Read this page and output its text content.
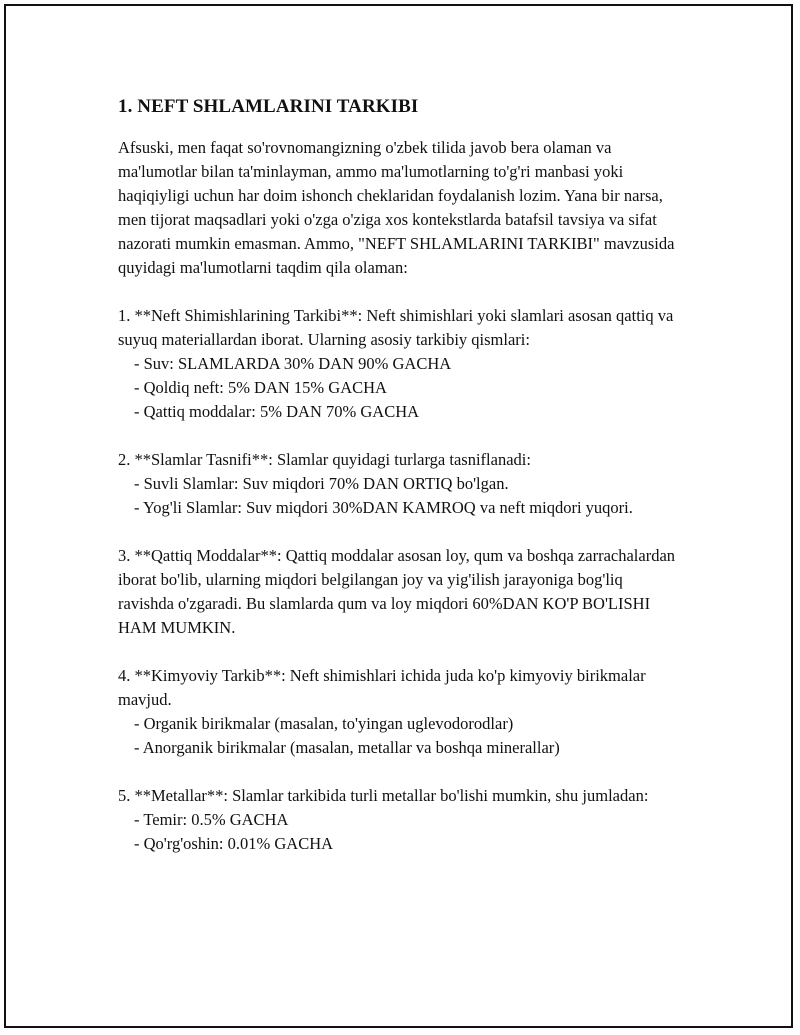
1. NEFT SHLAMLARINI TARKIBI
Afsuski, men faqat so'rovnomangizning o'zbek tilida javob bera olaman va ma'lumotlar bilan ta'minlayman, ammo ma'lumotlarning to'g'ri manbasi yoki haqiqiyligi uchun har doim ishonch cheklaridan foydalanish lozim. Yana bir narsa, men tijorat maqsadlari yoki o'zga o'ziga xos kontekstlarda batafsil tavsiya va sifat nazorati mumkin emasman. Ammo, "NEFT SHLAMLARINI TARKIBI" mavzusida quyidagi ma'lumotlarni taqdim qila olaman:
1. **Neft Shimishlarining Tarkibi**: Neft shimishlari yoki slamlari asosan qattiq va suyuq materiallardan iborat. Ularning asosiy tarkibiy qismlari:
- Suv: SLAMLARDA 30% DAN 90% GACHA
- Qoldiq neft: 5% DAN 15% GACHA
- Qattiq moddalar: 5% DAN 70% GACHA
2. **Slamlar Tasnifi**: Slamlar quyidagi turlarga tasniflanadi:
- Suvli Slamlar: Suv miqdori 70% DAN ORTIQ bo'lgan.
- Yog'li Slamlar: Suv miqdori 30%DAN KAMROQ va neft miqdori yuqori.
3. **Qattiq Moddalar**: Qattiq moddalar asosan loy, qum va boshqa zarrachalardan iborat bo'lib, ularning miqdori belgilangan joy va yig'ilish jarayoniga bog'liq ravishda o'zgaradi. Bu slamlarda qum va loy miqdori 60%DAN KO'P BO'LISHI HAM MUMKIN.
4. **Kimyoviy Tarkib**: Neft shimishlari ichida juda ko'p kimyoviy birikmalar mavjud.
- Organik birikmalar (masalan, to'yingan uglevodorodlar)
- Anorganik birikmalar (masalan, metallar va boshqa minerallar)
5. **Metallar**: Slamlar tarkibida turli metallar bo'lishi mumkin, shu jumladan:
- Temir: 0.5% GACHA
- Qo'rg'oshin: 0.01% GACHA
